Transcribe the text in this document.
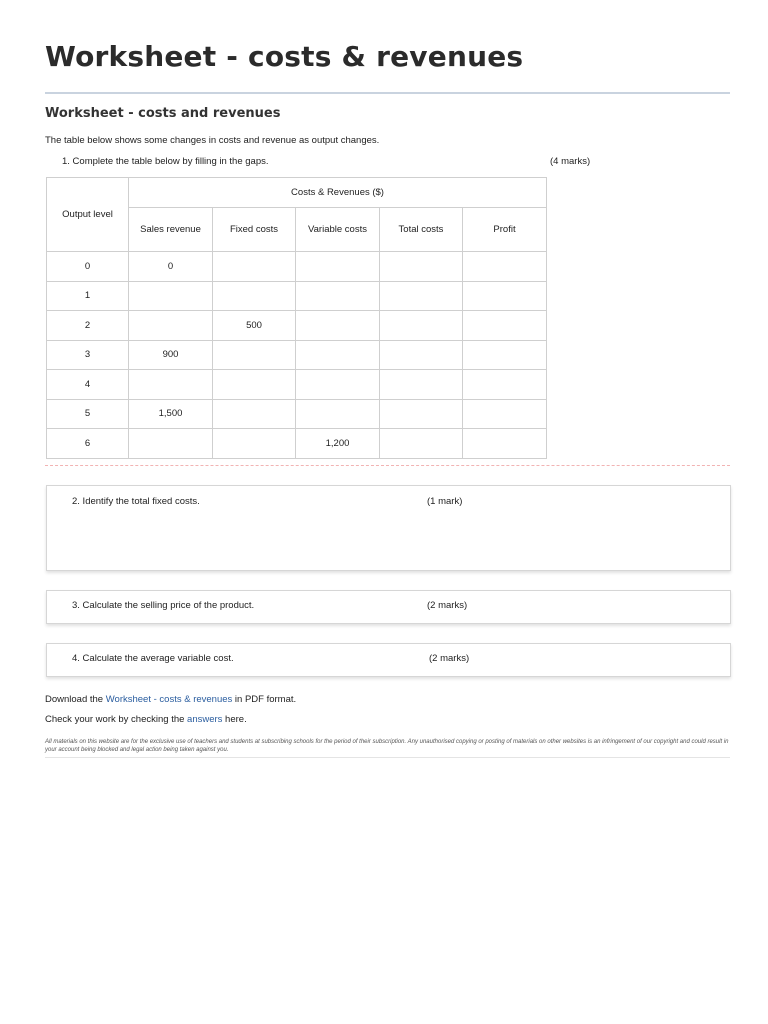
Worksheet - costs & revenues
Worksheet - costs and revenues
The table below shows some changes in costs and revenue as output changes.
1. Complete the table below by filling in the gaps.	(4 marks)
Output level	Costs & Revenues ($)				
	Sales revenue	Fixed costs	Variable costs	Total costs	Profit
0	0				
1					
2		500			
3	900				
4					
5	1,500				
6			1,200		
2. Identify the total fixed costs.	(1 mark)
3. Calculate the selling price of the product.	(2 marks)
4. Calculate the average variable cost.	(2 marks)
Download the Worksheet - costs & revenues in PDF format.
Check your work by checking the answers here.
All materials on this website are for the exclusive use of teachers and students at subscribing schools for the period of their subscription. Any unauthorised copying or posting of materials on other websites is an infringement of our copyright and could result in your account being blocked and legal action being taken against you.
